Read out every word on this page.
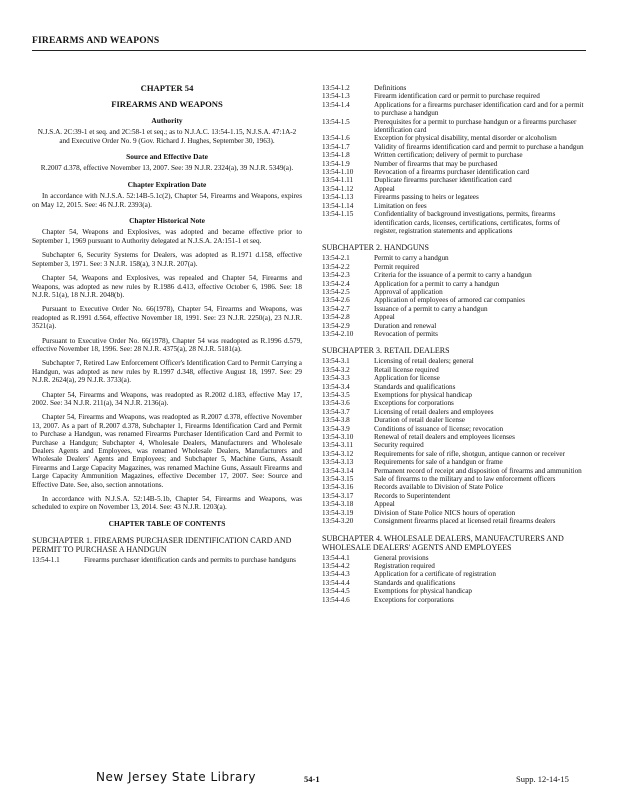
FIREARMS AND WEAPONS
CHAPTER 54
FIREARMS AND WEAPONS
Authority
N.J.S.A. 2C:39-1 et seq. and 2C:58-1 et seq.; as to N.J.A.C. 13:54-1.15, N.J.S.A. 47:1A-2 and Executive Order No. 9 (Gov. Richard J. Hughes, September 30, 1963).
Source and Effective Date
R.2007 d.378, effective November 13, 2007. See: 39 N.J.R. 2324(a), 39 N.J.R. 5349(a).
Chapter Expiration Date

In accordance with N.J.S.A. 52:14B-5.1c(2), Chapter 54, Firearms and Weapons, expires on May 12, 2015. See: 46 N.J.R. 2393(a).

Chapter Historical Note

Chapter 54, Weapons and Explosives, was adopted and became effective prior to September 1, 1969 pursuant to Authority delegated at N.J.S.A. 2A:151-1 et seq.

Subchapter 6, Security Systems for Dealers, was adopted as R.1971 d.158, effective September 3, 1971. See: 3 N.J.R. 158(a), 3 N.J.R. 207(a).

Chapter 54, Weapons and Explosives, was repealed and Chapter 54, Firearms and Weapons, was adopted as new rules by R.1986 d.413, effective October 6, 1986. See: 18 N.J.R. 51(a), 18 N.J.R. 2048(b).

Pursuant to Executive Order No. 66(1978), Chapter 54, Firearms and Weapons, was readopted as R.1991 d.564, effective November 18, 1991. See: 23 N.J.R. 2250(a), 23 N.J.R. 3521(a).

Pursuant to Executive Order No. 66(1978), Chapter 54 was readopted as R.1996 d.579, effective November 18, 1996. See: 28 N.J.R. 4375(a), 28 N.J.R. 5181(a).

Subchapter 7, Retired Law Enforcement Officer's Identification Card to Permit Carrying a Handgun, was adopted as new rules by R.1997 d.348, effective August 18, 1997. See: 29 N.J.R. 2624(a), 29 N.J.R. 3733(a).

Chapter 54, Firearms and Weapons, was readopted as R.2002 d.183, effective May 17, 2002. See: 34 N.J.R. 211(a), 34 N.J.R. 2136(a).

Chapter 54, Firearms and Weapons, was readopted as R.2007 d.378, effective November 13, 2007. As a part of R.2007 d.378, Subchapter 1, Firearms Identification Card and Permit to Purchase a Handgun, was renamed Firearms Purchaser Identification Card and Permit to Purchase a Handgun; Subchapter 4, Wholesale Dealers, Manufacturers and Wholesale Dealers Agents and Employees, was renamed Wholesale Dealers, Manufacturers and Wholesale Dealers' Agents and Employees; and Subchapter 5, Machine Guns, Assault Firearms and Large Capacity Magazines, was renamed Machine Guns, Assault Firearms and Large Capacity Ammunition Magazines, effective December 17, 2007. See: Source and Effective Date. See, also, section annotations.

In accordance with N.J.S.A. 52:14B-5.1b, Chapter 54, Firearms and Weapons, was scheduled to expire on November 13, 2014. See: 43 N.J.R. 1203(a).

CHAPTER TABLE OF CONTENTS
SUBCHAPTER 1. FIREARMS PURCHASER IDENTIFICATION CARD AND PERMIT TO PURCHASE A HANDGUN
13:54-1.1	Firearms purchaser identification cards and permits to purchase handguns
13:54-1.2	Definitions
13:54-1.3	Firearm identification card or permit to purchase required
13:54-1.4	Applications for a firearms purchaser identification card and for a permit to purchase a handgun
13:54-1.5	Prerequisites for a permit to purchase handgun or a firearms purchaser identification card
13:54-1.6	Exception for physical disability, mental disorder or alcoholism
13:54-1.7	Validity of firearms identification card and permit to purchase a handgun
13:54-1.8	Written certification; delivery of permit to purchase
13:54-1.9	Number of firearms that may be purchased
13:54-1.10	Revocation of a firearms purchaser identification card
13:54-1.11	Duplicate firearms purchaser identification card
13:54-1.12	Appeal
13:54-1.13	Firearms passing to heirs or legatees
13:54-1.14	Limitation on fees
13:54-1.15	Confidentiality of background investigations, permits, firearms identification cards, licenses, certifications, certificates, forms of register, registration statements and applications
SUBCHAPTER 2. HANDGUNS
13:54-2.1	Permit to carry a handgun
13:54-2.2	Permit required
13:54-2.3	Criteria for the issuance of a permit to carry a handgun
13:54-2.4	Application for a permit to carry a handgun
13:54-2.5	Approval of application
13:54-2.6	Application of employees of armored car companies
13:54-2.7	Issuance of a permit to carry a handgun
13:54-2.8	Appeal
13:54-2.9	Duration and renewal
13:54-2.10	Revocation of permits
SUBCHAPTER 3. RETAIL DEALERS
13:54-3.1	Licensing of retail dealers; general
13:54-3.2	Retail license required
13:54-3.3	Application for license
13:54-3.4	Standards and qualifications
13:54-3.5	Exemptions for physical handicap
13:54-3.6	Exceptions for corporations
13:54-3.7	Licensing of retail dealers and employees
13:54-3.8	Duration of retail dealer license
13:54-3.9	Conditions of issuance of license; revocation
13:54-3.10	Renewal of retail dealers and employees licenses
13:54-3.11	Security required
13:54-3.12	Requirements for sale of rifle, shotgun, antique cannon or receiver
13:54-3.13	Requirements for sale of a handgun or frame
13:54-3.14	Permanent record of receipt and disposition of firearms and ammunition
13:54-3.15	Sale of firearms to the military and to law enforcement officers
13:54-3.16	Records available to Division of State Police
13:54-3.17	Records to Superintendent
13:54-3.18	Appeal
13:54-3.19	Division of State Police NICS hours of operation
13:54-3.20	Consignment firearms placed at licensed retail firearms dealers
SUBCHAPTER 4. WHOLESALE DEALERS, MANUFACTURERS AND WHOLESALE DEALERS' AGENTS AND EMPLOYEES
13:54-4.1	General provisions
13:54-4.2	Registration required
13:54-4.3	Application for a certificate of registration
13:54-4.4	Standards and qualifications
13:54-4.5	Exemptions for physical handicap
13:54-4.6	Exceptions for corporations
New Jersey State Library	54-1	Supp. 12-14-15
